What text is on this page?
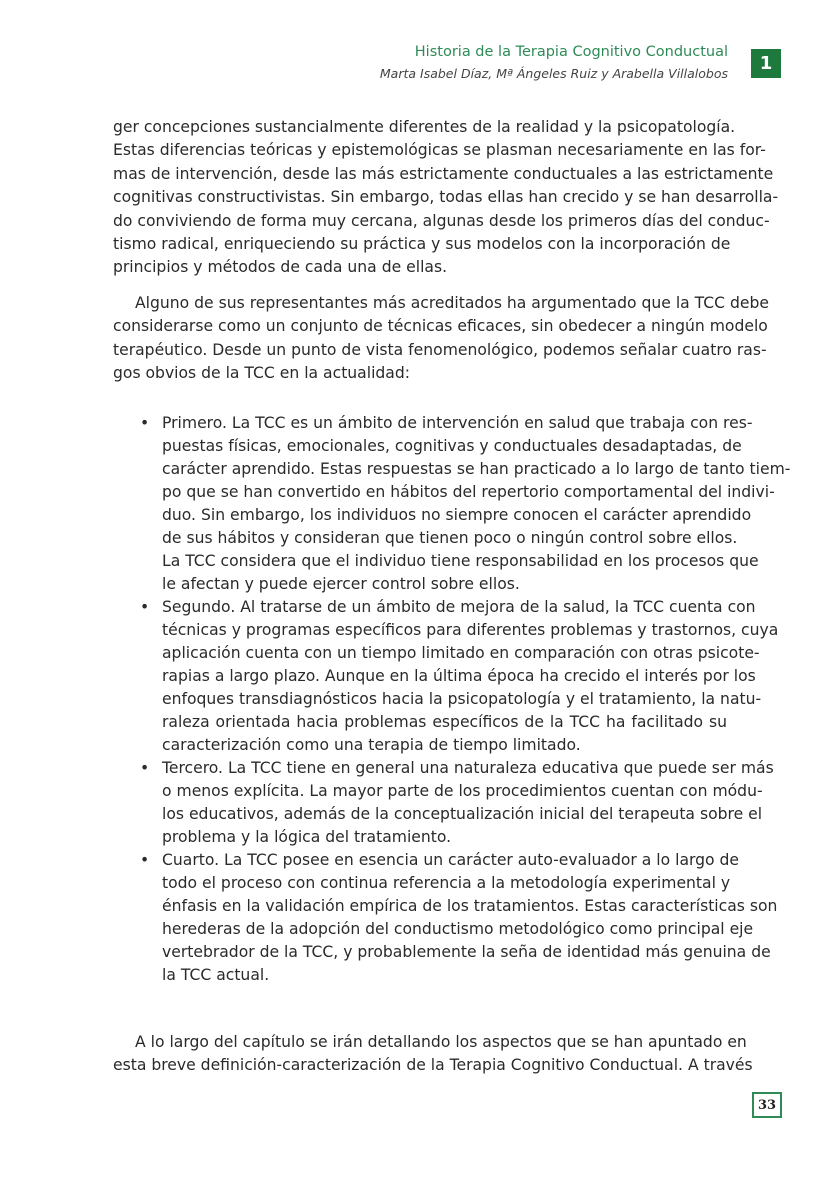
Historia de la Terapia Cognitivo Conductual
Marta Isabel Díaz, Mª Ángeles Ruiz y Arabella Villalobos	1
ger concepciones sustancialmente diferentes de la realidad y la psicopatología.
Estas diferencias teóricas y epistemológicas se plasman necesariamente en las for-
mas de intervención, desde las más estrictamente conductuales a las estrictamente
cognitivas constructivistas. Sin embargo, todas ellas han crecido y se han desarrolla-
do conviviendo de forma muy cercana, algunas desde los primeros días del conduc-
tismo radical, enriqueciendo su práctica y sus modelos con la incorporación de
principios y métodos de cada una de ellas.
Alguno de sus representantes más acreditados ha argumentado que la TCC debe
considerarse como un conjunto de técnicas eficaces, sin obedecer a ningún modelo
terapéutico. Desde un punto de vista fenomenológico, podemos señalar cuatro ras-
gos obvios de la TCC en la actualidad:
• Primero. La TCC es un ámbito de intervención en salud que trabaja con res-
puestas físicas, emocionales, cognitivas y conductuales desadaptadas, de
carácter aprendido. Estas respuestas se han practicado a lo largo de tanto tiem-
po que se han convertido en hábitos del repertorio comportamental del indivi-
duo. Sin embargo, los individuos no siempre conocen el carácter aprendido
de sus hábitos y consideran que tienen poco o ningún control sobre ellos.
La TCC considera que el individuo tiene responsabilidad en los procesos que
le afectan y puede ejercer control sobre ellos.
• Segundo. Al tratarse de un ámbito de mejora de la salud, la TCC cuenta con
técnicas y programas específicos para diferentes problemas y trastornos, cuya
aplicación cuenta con un tiempo limitado en comparación con otras psicote-
rapias a largo plazo. Aunque en la última época ha crecido el interés por los
enfoques transdiagnósticos hacia la psicopatología y el tratamiento, la natu-
raleza orientada hacia problemas específicos de la TCC ha facilitado su
caracterización como una terapia de tiempo limitado.
• Tercero. La TCC tiene en general una naturaleza educativa que puede ser más
o menos explícita. La mayor parte de los procedimientos cuentan con módu-
los educativos, además de la conceptualización inicial del terapeuta sobre el
problema y la lógica del tratamiento.
• Cuarto. La TCC posee en esencia un carácter auto-evaluador a lo largo de
todo el proceso con continua referencia a la metodología experimental y
énfasis en la validación empírica de los tratamientos. Estas características son
herederas de la adopción del conductismo metodológico como principal eje
vertebrador de la TCC, y probablemente la seña de identidad más genuina de
la TCC actual.
A lo largo del capítulo se irán detallando los aspectos que se han apuntado en
esta breve definición-caracterización de la Terapia Cognitivo Conductual. A través
33
